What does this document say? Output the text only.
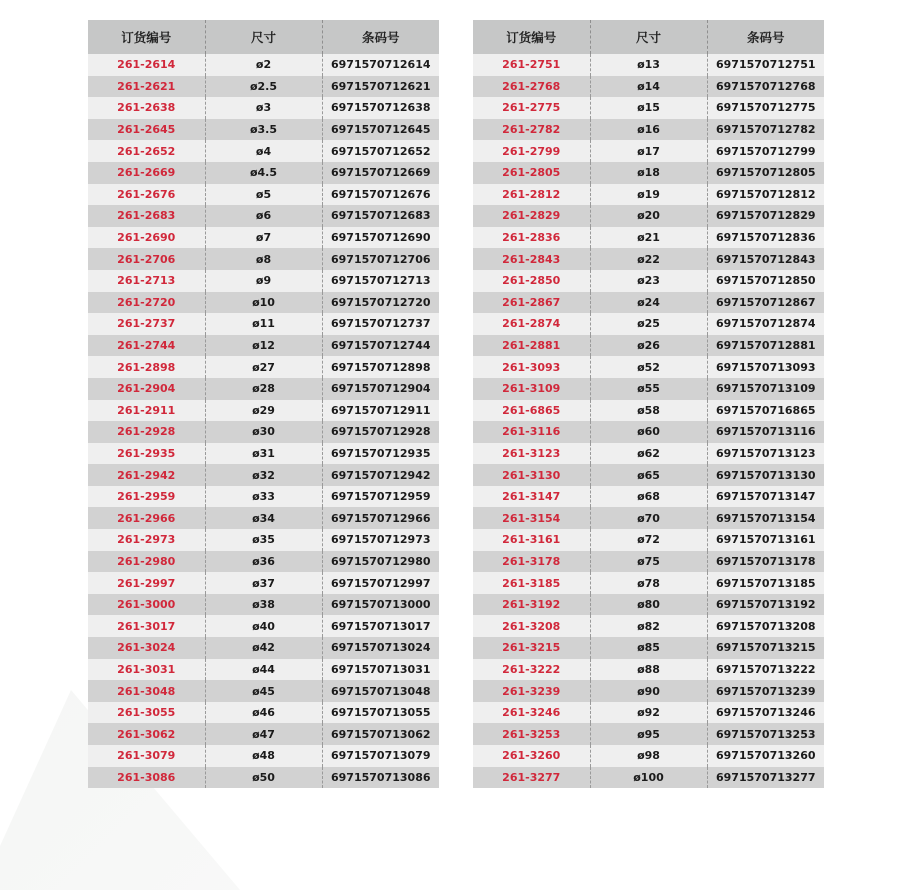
订货编号	尺寸	条码号
261-2614	ø2	6971570712614
261-2621	ø2.5	6971570712621
261-2638	ø3	6971570712638
261-2645	ø3.5	6971570712645
261-2652	ø4	6971570712652
261-2669	ø4.5	6971570712669
261-2676	ø5	6971570712676
261-2683	ø6	6971570712683
261-2690	ø7	6971570712690
261-2706	ø8	6971570712706
261-2713	ø9	6971570712713
261-2720	ø10	6971570712720
261-2737	ø11	6971570712737
261-2744	ø12	6971570712744
261-2898	ø27	6971570712898
261-2904	ø28	6971570712904
261-2911	ø29	6971570712911
261-2928	ø30	6971570712928
261-2935	ø31	6971570712935
261-2942	ø32	6971570712942
261-2959	ø33	6971570712959
261-2966	ø34	6971570712966
261-2973	ø35	6971570712973
261-2980	ø36	6971570712980
261-2997	ø37	6971570712997
261-3000	ø38	6971570713000
261-3017	ø40	6971570713017
261-3024	ø42	6971570713024
261-3031	ø44	6971570713031
261-3048	ø45	6971570713048
261-3055	ø46	6971570713055
261-3062	ø47	6971570713062
261-3079	ø48	6971570713079
261-3086	ø50	6971570713086
订货编号	尺寸	条码号
261-2751	ø13	6971570712751
261-2768	ø14	6971570712768
261-2775	ø15	6971570712775
261-2782	ø16	6971570712782
261-2799	ø17	6971570712799
261-2805	ø18	6971570712805
261-2812	ø19	6971570712812
261-2829	ø20	6971570712829
261-2836	ø21	6971570712836
261-2843	ø22	6971570712843
261-2850	ø23	6971570712850
261-2867	ø24	6971570712867
261-2874	ø25	6971570712874
261-2881	ø26	6971570712881
261-3093	ø52	6971570713093
261-3109	ø55	6971570713109
261-6865	ø58	6971570716865
261-3116	ø60	6971570713116
261-3123	ø62	6971570713123
261-3130	ø65	6971570713130
261-3147	ø68	6971570713147
261-3154	ø70	6971570713154
261-3161	ø72	6971570713161
261-3178	ø75	6971570713178
261-3185	ø78	6971570713185
261-3192	ø80	6971570713192
261-3208	ø82	6971570713208
261-3215	ø85	6971570713215
261-3222	ø88	6971570713222
261-3239	ø90	6971570713239
261-3246	ø92	6971570713246
261-3253	ø95	6971570713253
261-3260	ø98	6971570713260
261-3277	ø100	6971570713277
